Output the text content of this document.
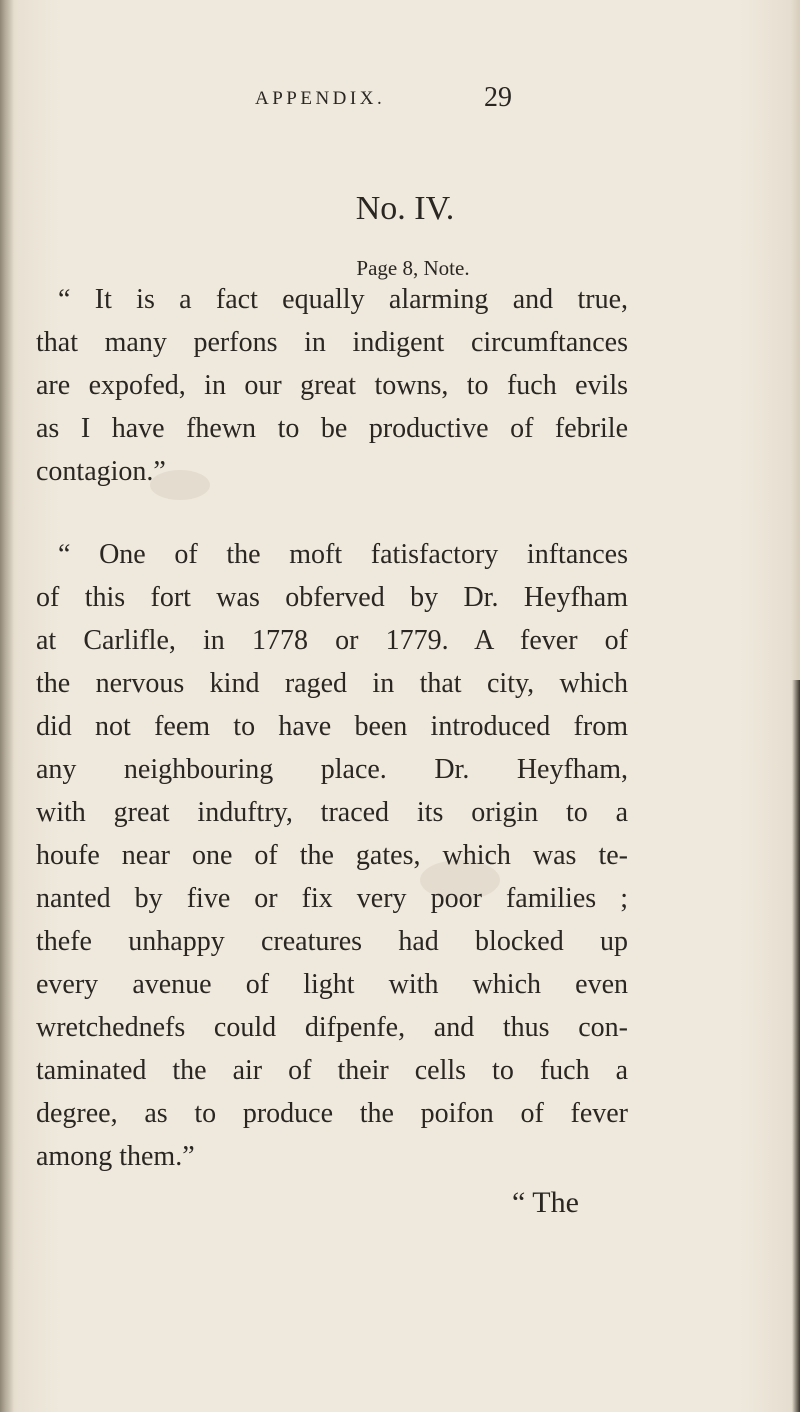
APPENDIX.	29
No. IV.
Page 8, Note.
“ It is a fact equally alarming and true,
that many perfons in indigent circumftances
are expofed, in our great towns, to fuch evils
as I have fhewn to be productive of febrile
contagion.”
“ One of the moft fatisfactory inftances
of this fort was obferved by Dr. Heyfham
at Carlifle, in 1778 or 1779. A fever of
the nervous kind raged in that city, which
did not feem to have been introduced from
any neighbouring place. Dr. Heyfham,
with great induftry, traced its origin to a
houfe near one of the gates, which was te-
nanted by five or fix very poor families ;
thefe unhappy creatures had blocked up
every avenue of light with which even
wretchednefs could difpenfe, and thus con-
taminated the air of their cells to fuch a
degree, as to produce the poifon of fever
among them.”
“ The
